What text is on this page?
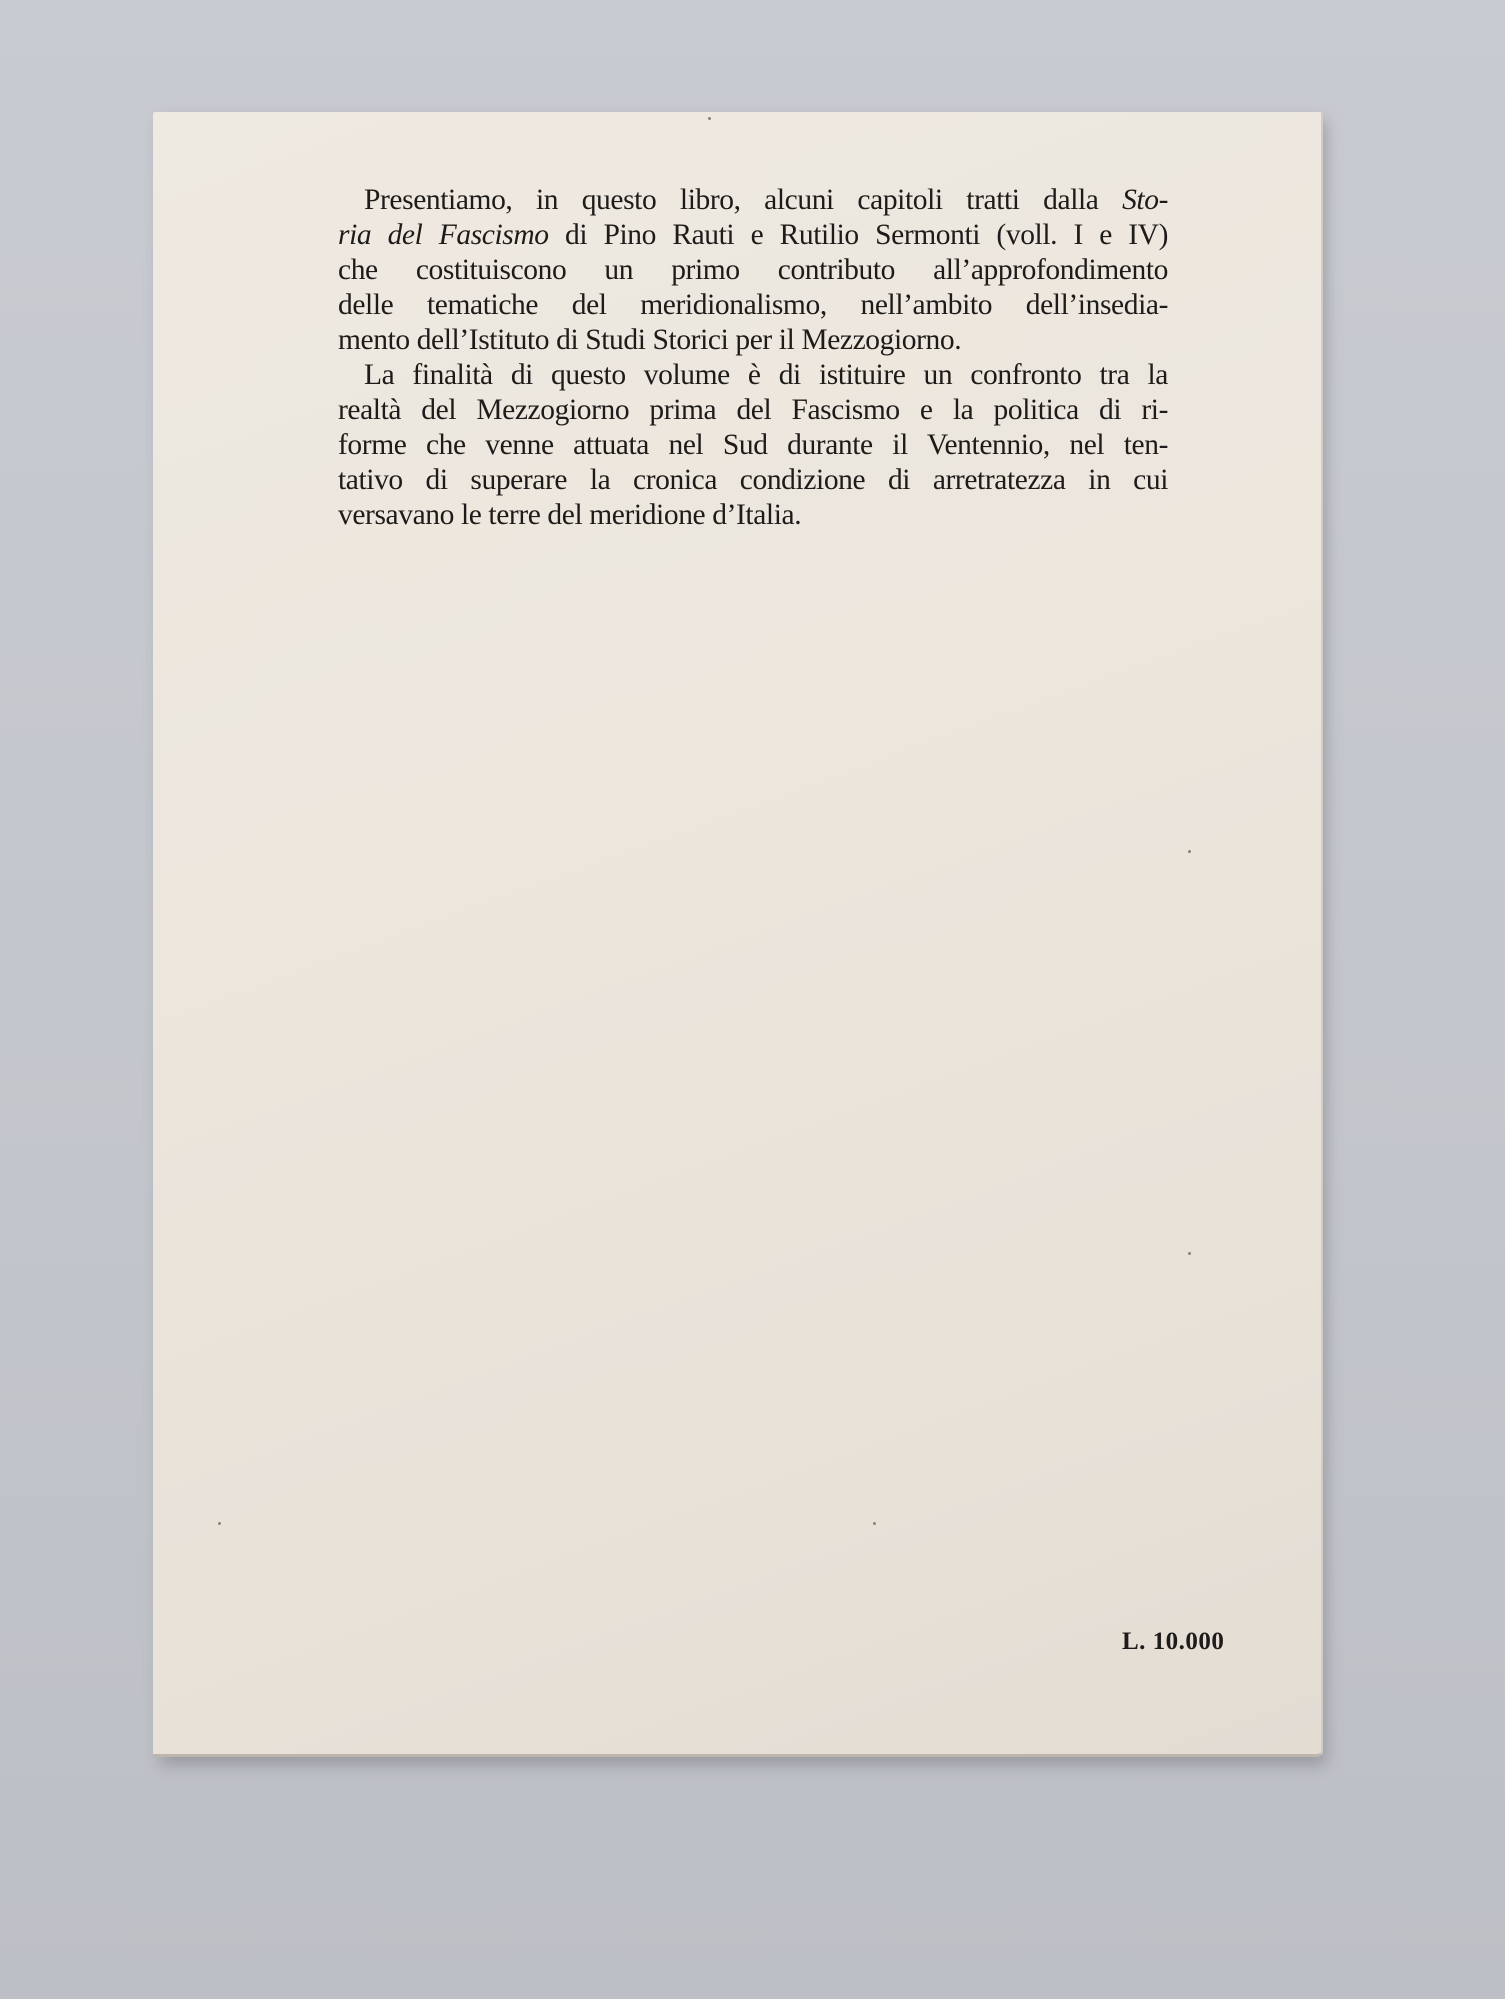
Presentiamo, in questo libro, alcuni capitoli tratti dalla Sto-
ria del Fascismo di Pino Rauti e Rutilio Sermonti (voll. I e IV)
che costituiscono un primo contributo all’approfondimento
delle tematiche del meridionalismo, nell’ambito dell’insedia-
mento dell’Istituto di Studi Storici per il Mezzogiorno.
La finalità di questo volume è di istituire un confronto tra la
realtà del Mezzogiorno prima del Fascismo e la politica di ri-
forme che venne attuata nel Sud durante il Ventennio, nel ten-
tativo di superare la cronica condizione di arretratezza in cui
versavano le terre del meridione d’Italia.
L. 10.000
